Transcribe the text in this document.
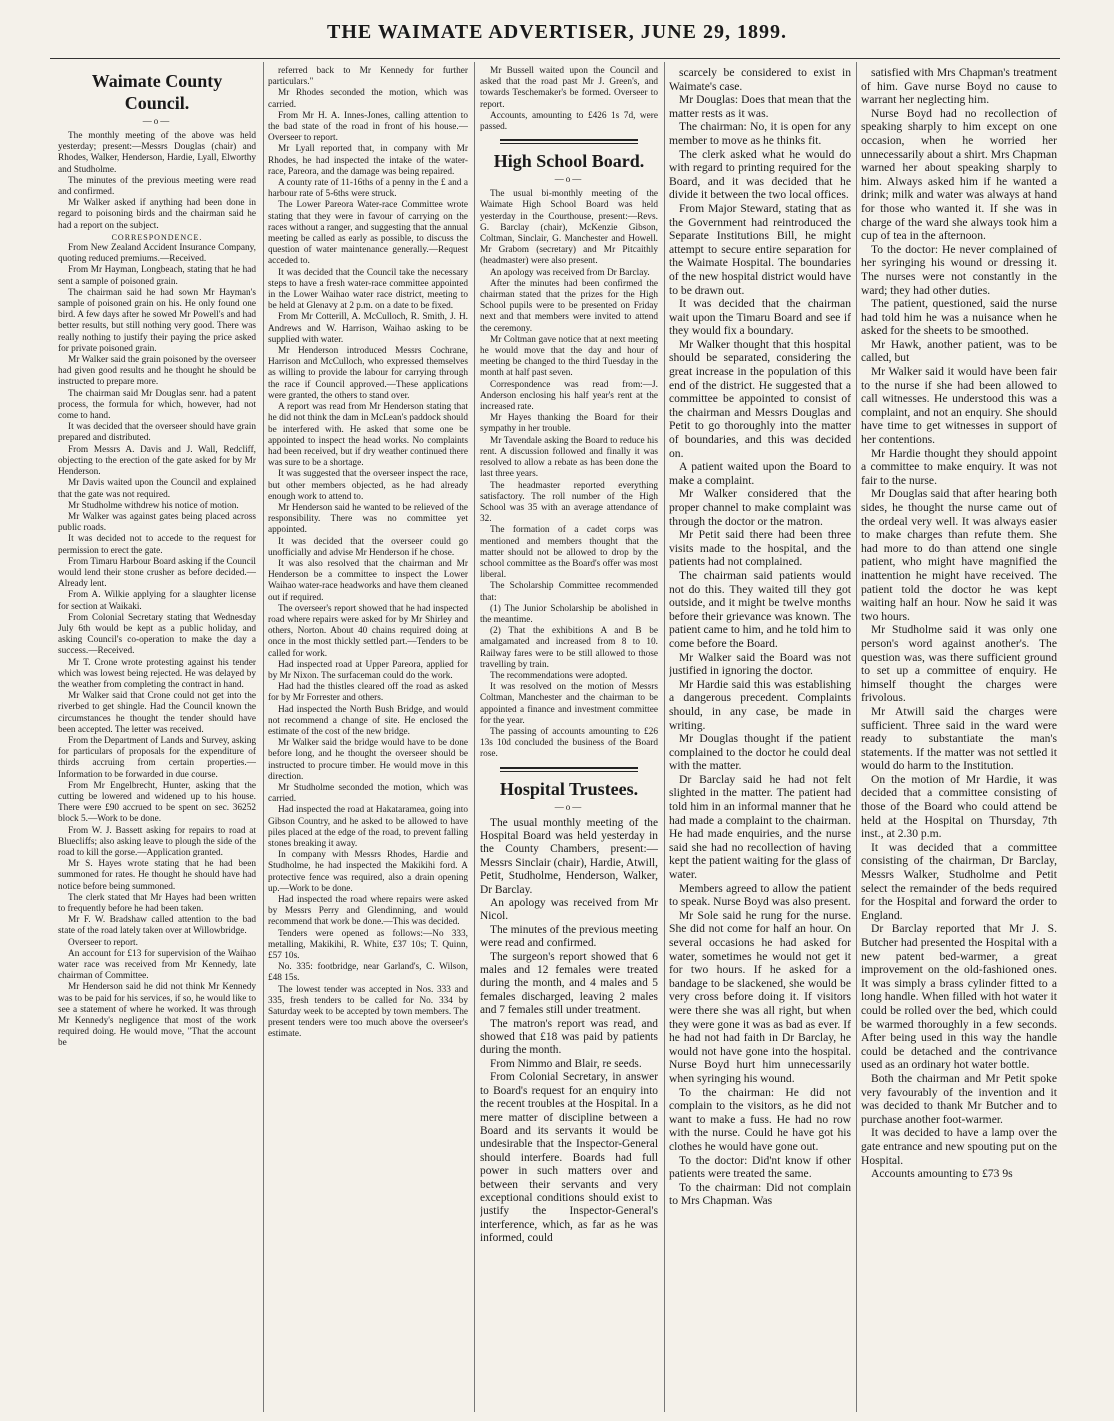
THE WAIMATE ADVERTISER, JUNE 29, 1899.
Waimate County Council.
—o—

The monthly meeting of the above was held yesterday; present:—Messrs Douglas (chair) and Rhodes, Walker, Henderson, Hardie, Lyall, Elworthy and Studholme.

The minutes of the previous meeting were read and confirmed.

Mr Walker asked if anything had been done in regard to poisoning birds and the chairman said he had a report on the subject.

CORRESPONDENCE.

From New Zealand Accident Insurance Company, quoting reduced premiums.—Received.

From Mr Hayman, Longbeach, stating that he had sent a sample of poisoned grain.

The chairman said he had sown Mr Hayman's sample of poisoned grain on his. He only found one bird. A few days after he sowed Mr Powell's and had better results, but still nothing very good. There was really nothing to justify their paying the price asked for private poisoned grain.

Mr Walker said the grain poisoned by the overseer had given good results and he thought he should be instructed to prepare more.

The chairman said Mr Douglas senr. had a patent process, the formula for which, however, had not come to hand.

It was decided that the overseer should have grain prepared and distributed.

From Messrs A. Davis and J. Wall, Redcliff, objecting to the erection of the gate asked for by Mr Henderson.

Mr Davis waited upon the Council and explained that the gate was not required.

Mr Studholme withdrew his notice of motion.

Mr Walker was against gates being placed across public roads.

It was decided not to accede to the request for permission to erect the gate.

From Timaru Harbour Board asking if the Council would lend their stone crusher as before decided.—Already lent.

From A. Wilkie applying for a slaughter license for section at Waikaki.

From Colonial Secretary stating that Wednesday July 6th would be kept as a public holiday, and asking Council's co-operation to make the day a success.—Received.

Mr T. Crone wrote protesting against his tender which was lowest being rejected. He was delayed by the weather from completing the contract in hand.

Mr Walker said that Crone could not get into the riverbed to get shingle. Had the Council known the circumstances he thought the tender should have been accepted. The letter was received.

From the Department of Lands and Survey, asking for particulars of proposals for the expenditure of thirds accruing from certain properties.—Information to be forwarded in due course.

From Mr Engelbrecht, Hunter, asking that the cutting be lowered and widened up to his house. There were £90 accrued to be spent on sec. 36252 block 5.—Work to be done.

From W. J. Bassett asking for repairs to road at Bluecliffs; also asking leave to plough the side of the road to kill the gorse.—Application granted.

Mr S. Hayes wrote stating that he had been summoned for rates. He thought he should have had notice before being summoned.

The clerk stated that Mr Hayes had been written to frequently before he had been taken.

Mr F. W. Bradshaw called attention to the bad state of the road lately taken over at Willowbridge.

Overseer to report.

An account for £13 for supervision of the Waihao water race was received from Mr Kennedy, late chairman of Committee.

Mr Henderson said he did not think Mr Kennedy was to be paid for his services, if so, he would like to see a statement of where he worked. It was through Mr Kennedy's negligence that most of the work required doing. He would move, "That the account be

referred back to Mr Kennedy for further particulars."

Mr Rhodes seconded the motion, which was carried.

From Mr H. A. Innes-Jones, calling attention to the bad state of the road in front of his house.—Overseer to report.

Mr Lyall reported that, in company with Mr Rhodes, he had inspected the intake of the water-race, Pareora, and the damage was being repaired.

A county rate of 11-16ths of a penny in the £ and a harbour rate of 5-6ths were struck.

The Lower Pareora Water-race Committee wrote stating that they were in favour of carrying on the races without a ranger, and suggesting that the annual meeting be called as early as possible, to discuss the question of water maintenance generally.—Request acceded to.

It was decided that the Council take the necessary steps to have a fresh water-race committee appointed in the Lower Waihao water race district, meeting to be held at Glenavy at 2 p.m. on a date to be fixed.

From Mr Cotterill, A. McCulloch, R. Smith, J. H. Andrews and W. Harrison, Waihao asking to be supplied with water.

Mr Henderson introduced Messrs Cochrane, Harrison and McCulloch, who expressed themselves as willing to provide the labour for carrying through the race if Council approved.—These applications were granted, the others to stand over.

A report was read from Mr Henderson stating that he did not think the dam in McLean's paddock should be interfered with. He asked that some one be appointed to inspect the head works. No complaints had been received, but if dry weather continued there was sure to be a shortage.

It was suggested that the overseer inspect the race, but other members objected, as he had already enough work to attend to.

Mr Henderson said he wanted to be relieved of the responsibility. There was no committee yet appointed.

It was decided that the overseer could go unofficially and advise Mr Henderson if he chose.

It was also resolved that the chairman and Mr Henderson be a committee to inspect the Lower Waihao water-race headworks and have them cleaned out if required.

The overseer's report showed that he had inspected road where repairs were asked for by Mr Shirley and others, Norton. About 40 chains required doing at once in the most thickly settled part.—Tenders to be called for work.

Had inspected road at Upper Pareora, applied for by Mr Nixon. The surfaceman could do the work.

Had had the thistles cleared off the road as asked for by Mr Forrester and others.

Had inspected the North Bush Bridge, and would not recommend a change of site. He enclosed the estimate of the cost of the new bridge.

Mr Walker said the bridge would have to be done before long, and he thought the overseer should be instructed to procure timber. He would move in this direction.

Mr Studholme seconded the motion, which was carried.

Had inspected the road at Hakataramea, going into Gibson Country, and he asked to be allowed to have piles placed at the edge of the road, to prevent falling stones breaking it away.

In company with Messrs Rhodes, Hardie and Studholme, he had inspected the Makikihi ford. A protective fence was required, also a drain opening up.—Work to be done.

Had inspected the road where repairs were asked by Messrs Perry and Glendinning, and would recommend that work be done.—This was decided.

Tenders were opened as follows:—No 333, metalling, Makikihi, R. White, £37 10s; T. Quinn, £57 10s.

No. 335: footbridge, near Garland's, C. Wilson, £48 15s.

The lowest tender was accepted in Nos. 333 and 335, fresh tenders to be called for No. 334 by Saturday week to be accepted by town members. The present tenders were too much above the overseer's estimate.

Mr Bussell waited upon the Council and asked that the road past Mr J. Green's, and towards Teschemaker's be formed. Overseer to report.

Accounts, amounting to £426 1s 7d, were passed.

High School Board.
—o—

The usual bi-monthly meeting of the Waimate High School Board was held yesterday in the Courthouse, present:—Revs. G. Barclay (chair), McKenzie Gibson, Coltman, Sinclair, G. Manchester and Howell. Mr Grabom (secretary) and Mr Pitcaithly (headmaster) were also present.

An apology was received from Dr Barclay.

After the minutes had been confirmed the chairman stated that the prizes for the High School pupils were to be presented on Friday next and that members were invited to attend the ceremony.

Mr Coltman gave notice that at next meeting he would move that the day and hour of meeting be changed to the third Tuesday in the month at half past seven.

Correspondence was read from:—J. Anderson enclosing his half year's rent at the increased rate.

Mr Hayes thanking the Board for their sympathy in her trouble.

Mr Tavendale asking the Board to reduce his rent. A discussion followed and finally it was resolved to allow a rebate as has been done the last three years.

The headmaster reported everything satisfactory. The roll number of the High School was 35 with an average attendance of 32.

The formation of a cadet corps was mentioned and members thought that the matter should not be allowed to drop by the school committee as the Board's offer was most liberal.

The Scholarship Committee recommended that:

(1) The Junior Scholarship be abolished in the meantime.

(2) That the exhibitions A and B be amalgamated and increased from 8 to 10. Railway fares were to be still allowed to those travelling by train.

The recommendations were adopted.

It was resolved on the motion of Messrs Coltman, Manchester and the chairman to be appointed a finance and investment committee for the year.

The passing of accounts amounting to £26 13s 10d concluded the business of the Board rose.

Hospital Trustees.
—o—

The usual monthly meeting of the Hospital Board was held yesterday in the County Chambers, present:—Messrs Sinclair (chair), Hardie, Atwill, Petit, Studholme, Henderson, Walker, Dr Barclay.

An apology was received from Mr Nicol.

The minutes of the previous meeting were read and confirmed.

The surgeon's report showed that 6 males and 12 females were treated during the month, and 4 males and 5 females discharged, leaving 2 males and 7 females still under treatment.

The matron's report was read, and showed that £18 was paid by patients during the month.

From Nimmo and Blair, re seeds.

From Colonial Secretary, in answer to Board's request for an enquiry into the recent troubles at the Hospital. In a mere matter of discipline between a Board and its servants it would be undesirable that the Inspector-General should interfere. Boards had full power in such matters over and between their servants and very exceptional conditions should exist to justify the Inspector-General's interference, which, as far as he was informed, could

scarcely be considered to exist in Waimate's case.

Mr Douglas: Does that mean that the matter rests as it was.

The chairman: No, it is open for any member to move as he thinks fit.

The clerk asked what he would do with regard to printing required for the Board, and it was decided that he divide it between the two local offices.

From Major Steward, stating that as the Government had reintroduced the Separate Institutions Bill, he might attempt to secure entire separation for the Waimate Hospital. The boundaries of the new hospital district would have to be drawn out.

It was decided that the chairman wait upon the Timaru Board and see if they would fix a boundary.

Mr Walker thought that this hospital should be separated, considering the great increase in the population of this end of the district. He suggested that a committee be appointed to consist of the chairman and Messrs Douglas and Petit to go thoroughly into the matter of boundaries, and this was decided on.

A patient waited upon the Board to make a complaint.

Mr Walker considered that the proper channel to make complaint was through the doctor or the matron.

Mr Petit said there had been three visits made to the hospital, and the patients had not complained.

The chairman said patients would not do this. They waited till they got outside, and it might be twelve months before their grievance was known. The patient came to him, and he told him to come before the Board.

Mr Walker said the Board was not justified in ignoring the doctor.

Mr Hardie said this was establishing a dangerous precedent. Complaints should, in any case, be made in writing.

Mr Douglas thought if the patient complained to the doctor he could deal with the matter.

Dr Barclay said he had not felt slighted in the matter. The patient had told him in an informal manner that he had made a complaint to the chairman. He had made enquiries, and the nurse said she had no recollection of having kept the patient waiting for the glass of water.

Members agreed to allow the patient to speak. Nurse Boyd was also present.

Mr Sole said he rung for the nurse. She did not come for half an hour. On several occasions he had asked for water, sometimes he would not get it for two hours. If he asked for a bandage to be slackened, she would be very cross before doing it. If visitors were there she was all right, but when they were gone it was as bad as ever. If he had not had faith in Dr Barclay, he would not have gone into the hospital. Nurse Boyd hurt him unnecessarily when syringing his wound.

To the chairman: He did not complain to the visitors, as he did not want to make a fuss. He had no row with the nurse. Could he have got his clothes he would have gone out.

To the doctor: Did'nt know if other patients were treated the same.

To the chairman: Did not complain to Mrs Chapman. Was

satisfied with Mrs Chapman's treatment of him. Gave nurse Boyd no cause to warrant her neglecting him.

Nurse Boyd had no recollection of speaking sharply to him except on one occasion, when he worried her unnecessarily about a shirt. Mrs Chapman warned her about speaking sharply to him. Always asked him if he wanted a drink; milk and water was always at hand for those who wanted it. If she was in charge of the ward she always took him a cup of tea in the afternoon.

To the doctor: He never complained of her syringing his wound or dressing it. The nurses were not constantly in the ward; they had other duties.

The patient, questioned, said the nurse had told him he was a nuisance when he asked for the sheets to be smoothed.

Mr Hawk, another patient, was to be called, but

Mr Walker said it would have been fair to the nurse if she had been allowed to call witnesses. He understood this was a complaint, and not an enquiry. She should have time to get witnesses in support of her contentions.

Mr Hardie thought they should appoint a committee to make enquiry. It was not fair to the nurse.

Mr Douglas said that after hearing both sides, he thought the nurse came out of the ordeal very well. It was always easier to make charges than refute them. She had more to do than attend one single patient, who might have magnified the inattention he might have received. The patient told the doctor he was kept waiting half an hour. Now he said it was two hours.

Mr Studholme said it was only one person's word against another's. The question was, was there sufficient ground to set up a committee of enquiry. He himself thought the charges were frivolous.

Mr Atwill said the charges were sufficient. Three said in the ward were ready to substantiate the man's statements. If the matter was not settled it would do harm to the Institution.

On the motion of Mr Hardie, it was decided that a committee consisting of those of the Board who could attend be held at the Hospital on Thursday, 7th inst., at 2.30 p.m.

It was decided that a committee consisting of the chairman, Dr Barclay, Messrs Walker, Studholme and Petit select the remainder of the beds required for the Hospital and forward the order to England.

Dr Barclay reported that Mr J. S. Butcher had presented the Hospital with a new patent bed-warmer, a great improvement on the old-fashioned ones. It was simply a brass cylinder fitted to a long handle. When filled with hot water it could be rolled over the bed, which could be warmed thoroughly in a few seconds. After being used in this way the handle could be detached and the contrivance used as an ordinary hot water bottle.

Both the chairman and Mr Petit spoke very favourably of the invention and it was decided to thank Mr Butcher and to purchase another foot-warmer.

It was decided to have a lamp over the gate entrance and new spouting put on the Hospital.

Accounts amounting to £73 9s
